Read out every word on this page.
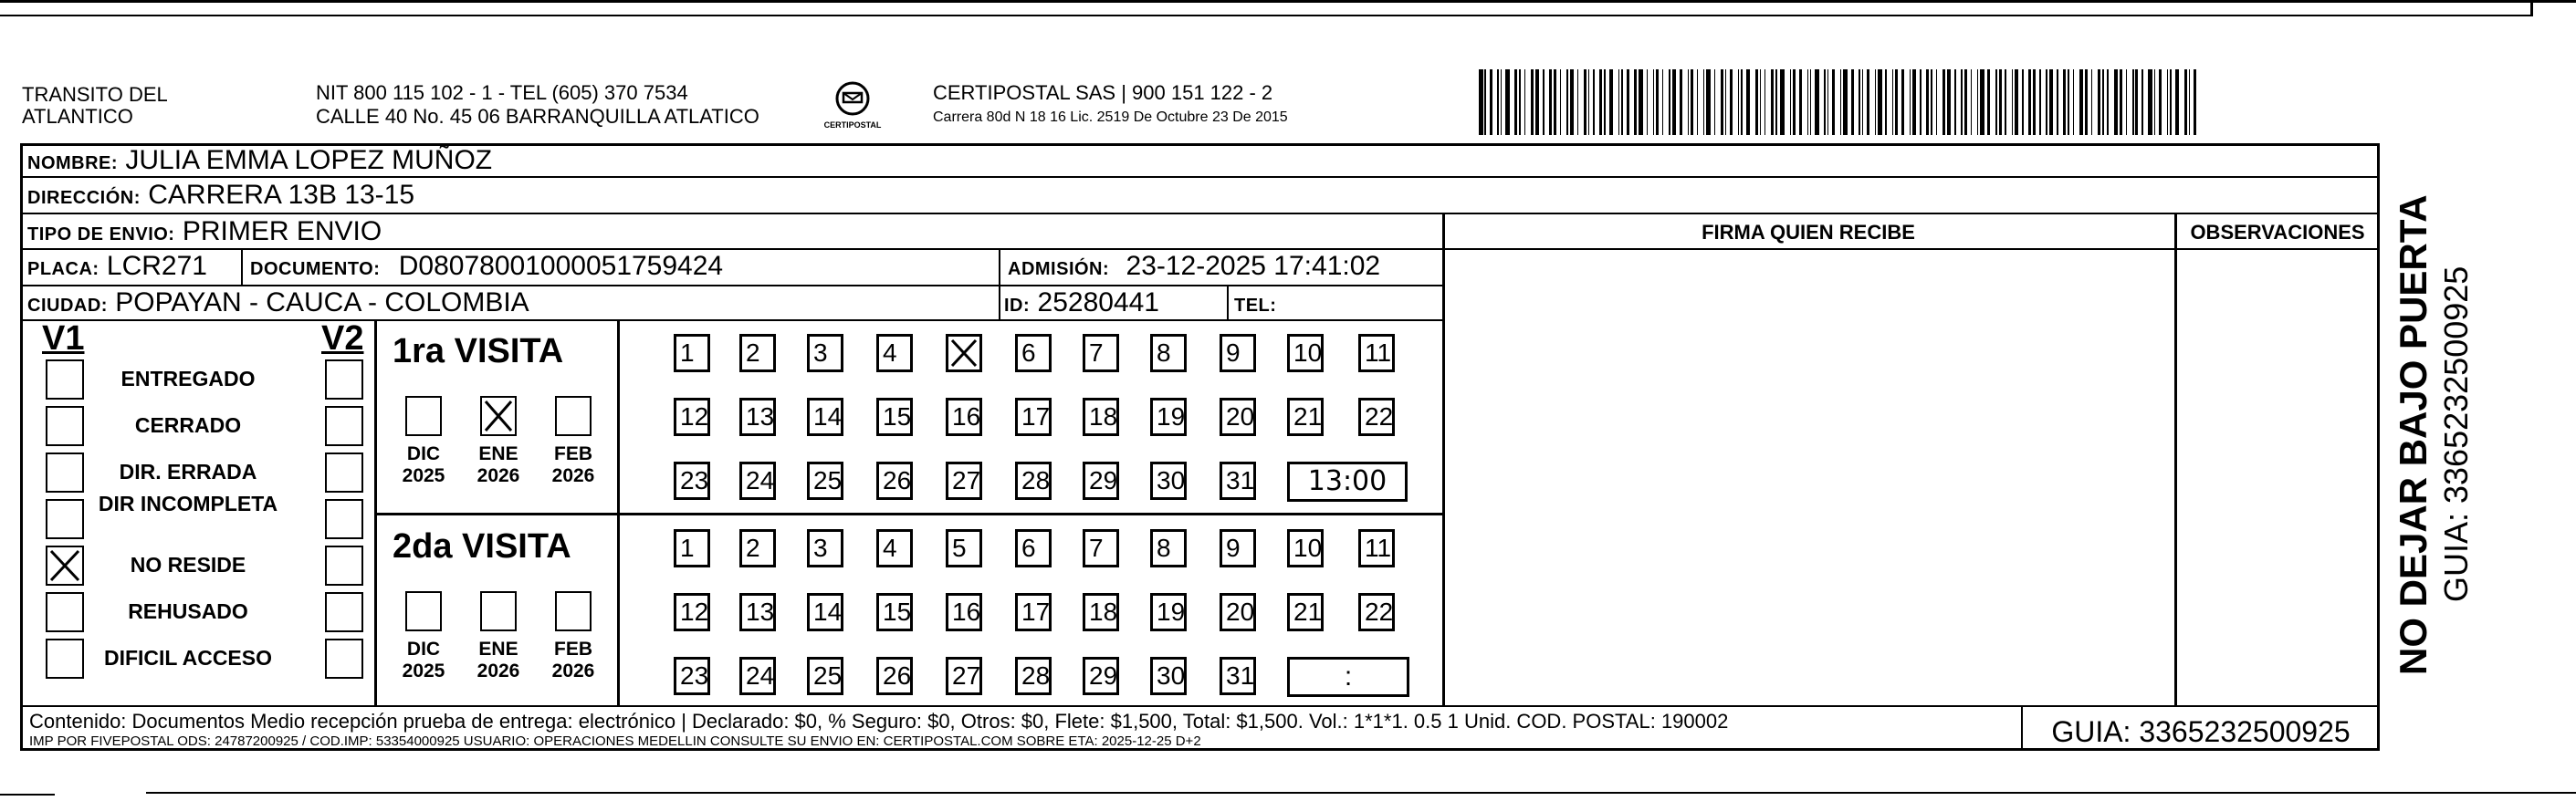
TRANSITO DEL
ATLANTICO
NIT 800 115 102 - 1 - TEL (605) 370 7534
CALLE 40 No. 45 06 BARRANQUILLA ATLATICO	CERTIPOSTAL
CERTIPOSTAL SAS | 900 151 122 - 2
Carrera 80d N 18 16 Lic. 2519 De Octubre 23 De 2015
NOMBRE: JULIA EMMA LOPEZ MUÑOZ
DIRECCIÓN: CARRERA 13B 13-15
TIPO DE ENVIO: PRIMER ENVIO
PLACA: LCR271 DOCUMENTO: D08078001000051759424	ADMISIÓN: 23-12-2025 17:41:02
CIUDAD: POPAYAN - CAUCA - COLOMBIA	ID: 25280441	TEL:
FIRMA QUIEN RECIBE	OBSERVACIONES
V1	V2
ENTREGADO
CERRADO
DIR. ERRADA
DIR INCOMPLETA
NO RESIDE
REHUSADO
DIFICIL ACCESO
1ra VISITA
DIC
2025
ENE
2026
FEB
2026
1	2	3	4	6	7	8	9	10 11
12 13 14 15 16 17 18 19 20 21 22
23 24 25 26 27 28 29 30 31	13:00
2da VISITA
DIC
2025
ENE
2026
FEB
2026
1	2	3	4	5	6	7	8	9	10 11
12 13 14 15 16 17 18 19 20 21 22
23 24 25 26 27 28 29 30 31	:
Contenido: Documentos Medio recepción prueba de entrega: electrónico | Declarado: $0, % Seguro: $0, Otros: $0, Flete: $1,500, Total: $1,500. Vol.: 1*1*1. 0.5 1 Unid. COD. POSTAL: 190002
IMP POR FIVEPOSTAL ODS: 24787200925 / COD.IMP: 53354000925 USUARIO: OPERACIONES MEDELLIN CONSULTE SU ENVIO EN: CERTIPOSTAL.COM SOBRE ETA: 2025-12-25 D+2	GUIA: 3365232500925
NO DEJAR BAJO PUERTA GUIA: 3365232500925
